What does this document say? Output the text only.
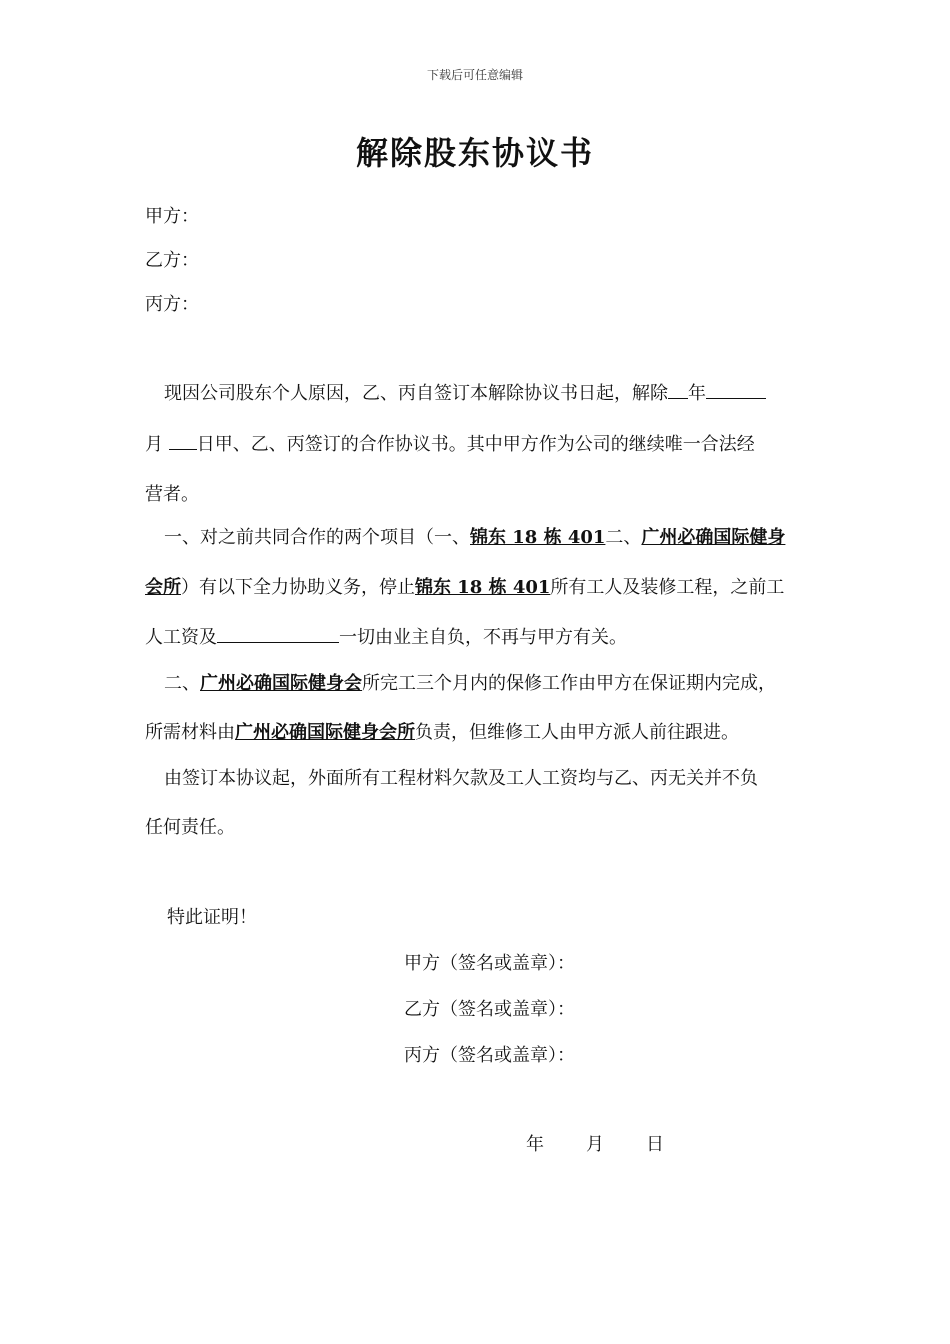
下载后可任意编辑
解除股东协议书
甲方：
乙方：
丙方：
现因公司股东个人原因，乙、丙自签订本解除协议书日起，解除 年
月 日甲、乙、丙签订的合作协议书。其中甲方作为公司的继续唯一合法经
营者。
一、对之前共同合作的两个项目（一、锦东 18 栋 401二、广州必确国际健身
会所）有以下全力协助义务，停止锦东 18 栋 401所有工人及装修工程，之前工
人工资及	一切由业主自负，不再与甲方有关。
二、广州必确国际健身会所完工三个月内的保修工作由甲方在保证期内完成，
所需材料由广州必确国际健身会所负责，但维修工人由甲方派人前往跟进。
由签订本协议起，外面所有工程材料欠款及工人工资均与乙、丙无关并不负
任何责任。
特此证明！
甲方（签名或盖章）：
乙方（签名或盖章）：
丙方（签名或盖章）：
年　　月　　日
